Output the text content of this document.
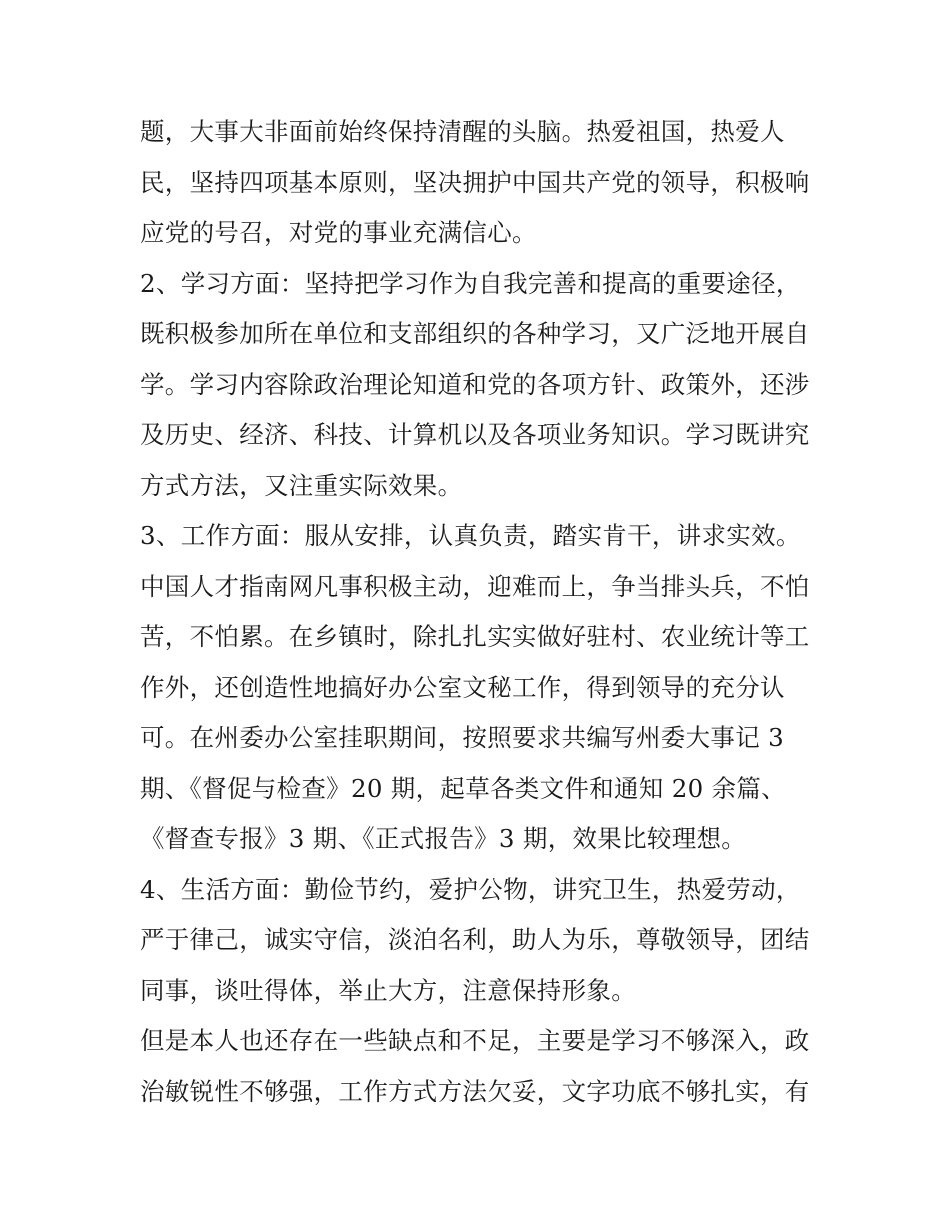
题，大事大非面前始终保持清醒的头脑。热爱祖国，热爱人
民，坚持四项基本原则，坚决拥护中国共产党的领导，积极响
应党的号召，对党的事业充满信心。
2、学习方面：坚持把学习作为自我完善和提高的重要途径，
既积极参加所在单位和支部组织的各种学习，又广泛地开展自
学。学习内容除政治理论知道和党的各项方针、政策外，还涉
及历史、经济、科技、计算机以及各项业务知识。学习既讲究
方式方法，又注重实际效果。
3、工作方面：服从安排，认真负责，踏实肯干，讲求实效。
中国人才指南网凡事积极主动，迎难而上，争当排头兵，不怕
苦，不怕累。在乡镇时，除扎扎实实做好驻村、农业统计等工
作外，还创造性地搞好办公室文秘工作，得到领导的充分认
可。在州委办公室挂职期间，按照要求共编写州委大事记 3
期、《督促与检查》20 期，起草各类文件和通知 20 余篇、
《督查专报》3 期、《正式报告》3 期，效果比较理想。
4、生活方面：勤俭节约，爱护公物，讲究卫生，热爱劳动，
严于律己，诚实守信，淡泊名利，助人为乐，尊敬领导，团结
同事，谈吐得体，举止大方，注意保持形象。
但是本人也还存在一些缺点和不足，主要是学习不够深入，政
治敏锐性不够强，工作方式方法欠妥，文字功底不够扎实，有
